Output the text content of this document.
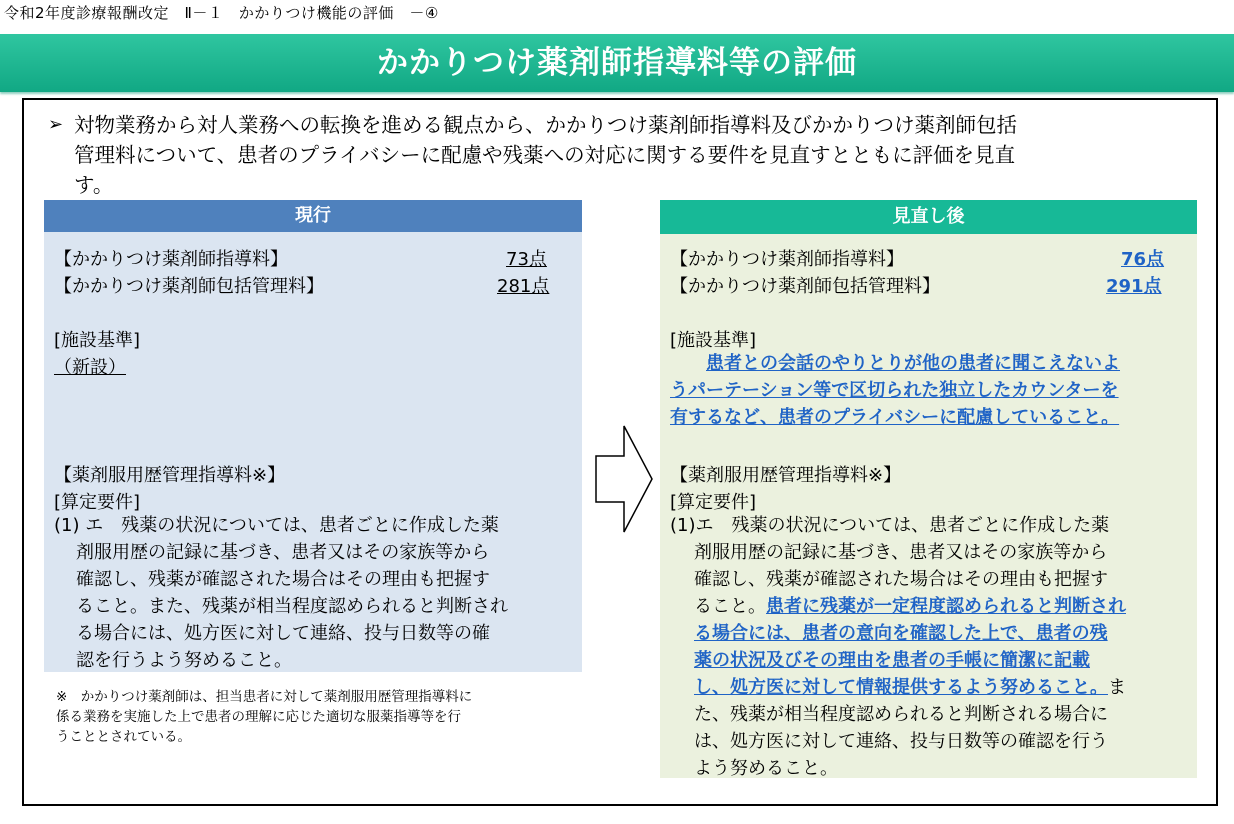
令和2年度診療報酬改定　Ⅱ－１　かかりつけ機能の評価　－④
かかりつけ薬剤師指導料等の評価
➢ 対物業務から対人業務への転換を進める観点から、かかりつけ薬剤師指導料及びかかりつけ薬剤師包括
管理料について、患者のプライバシーに配慮や残薬への対応に関する要件を見直すとともに評価を見直
す。
現行
【かかりつけ薬剤師指導料】	73点
【かかりつけ薬剤師包括管理料】	281点
[施設基準]
（新設）
【薬剤服用歴管理指導料※】
[算定要件]
(1) エ　残薬の状況については、患者ごとに作成した薬
剤服用歴の記録に基づき、患者又はその家族等から
確認し、残薬が確認された場合はその理由も把握す
ること。また、残薬が相当程度認められると判断され
る場合には、処方医に対して連絡、投与日数等の確
認を行うよう努めること。
※　かかりつけ薬剤師は、担当患者に対して薬剤服用歴管理指導料に
係る業務を実施した上で患者の理解に応じた適切な服薬指導等を行
うこととされている。
見直し後
【かかりつけ薬剤師指導料】	76点
【かかりつけ薬剤師包括管理料】	291点
[施設基準]
患者との会話のやりとりが他の患者に聞こえないよ
うパーテーション等で区切られた独立したカウンターを
有するなど、患者のプライバシーに配慮していること。
【薬剤服用歴管理指導料※】
[算定要件]
(1)エ　残薬の状況については、患者ごとに作成した薬
剤服用歴の記録に基づき、患者又はその家族等から
確認し、残薬が確認された場合はその理由も把握す
ること。患者に残薬が一定程度認められると判断され
る場合には、患者の意向を確認した上で、患者の残
薬の状況及びその理由を患者の手帳に簡潔に記載
し、処方医に対して情報提供するよう努めること。ま
た、残薬が相当程度認められると判断される場合に
は、処方医に対して連絡、投与日数等の確認を行う
よう努めること。
